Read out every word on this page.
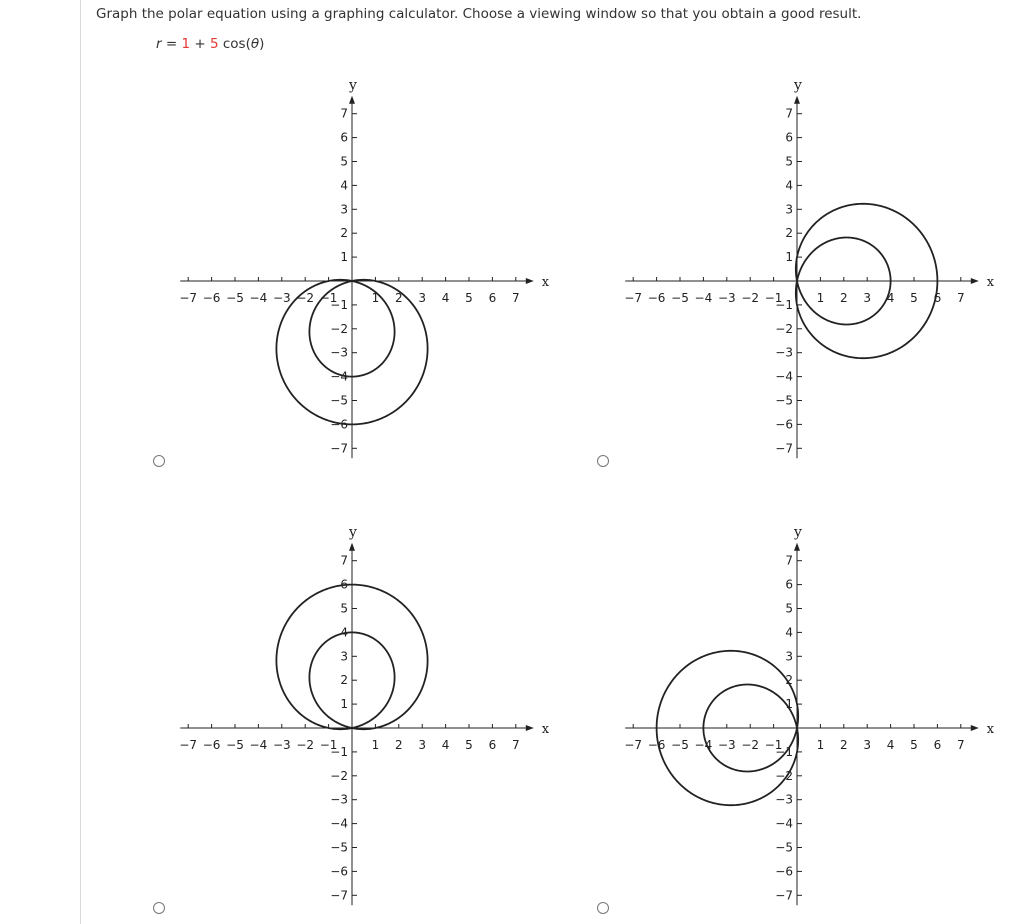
Graph the polar equation using a graphing calculator. Choose a viewing window so that you obtain a good result.
r = 1 + 5 cos(θ)
x
y
−7 −6 −5 −4 −3 −2 −1	1 2 3 4 5 6 7
7
6
5
4
3
2
1
−1
−2
−3
−4
−5
−6
−7
x
y
−7 −6 −5 −4 −3 −2 −1	1 2 3 4 5 6 7
7
6
5
4
3
2
1
−1
−2
−3
−4
−5
−6
−7
x
y
−7 −6 −5 −4 −3 −2 −1	1 2 3 4 5 6 7
7
6
5
4
3
2
1
−1
−2
−3
−4
−5
−6
−7
x
y
−7 −6 −5 −4 −3 −2 −1	1 2 3 4 5 6 7
7
6
5
4
3
2
1
−1
−2
−3
−4
−5
−6
−7
